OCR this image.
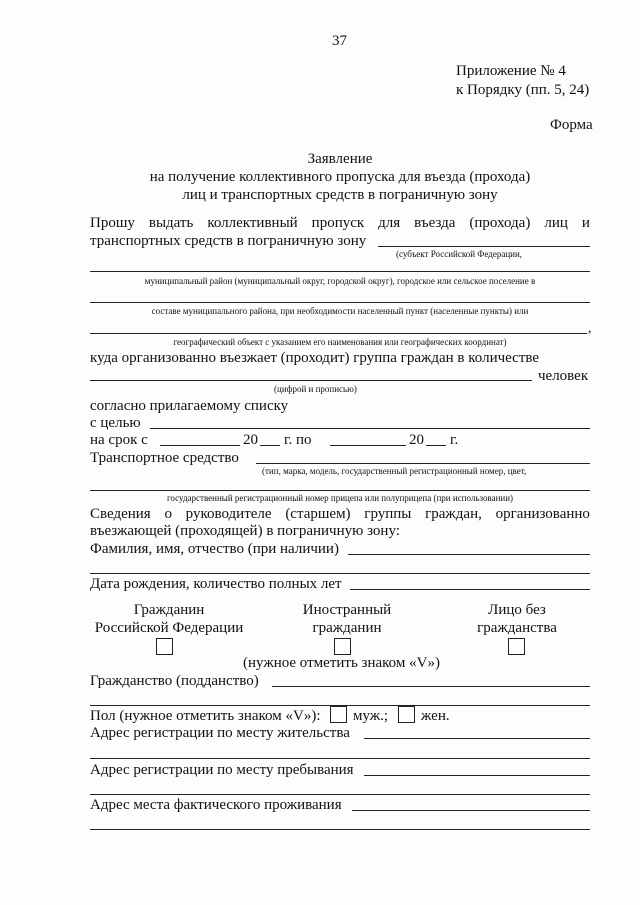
37
Приложение № 4
к Порядку (пп. 5, 24)
Форма
Заявление
на получение коллективного пропуска для въезда (прохода)
лиц и транспортных средств в пограничную зону
Прошу выдать коллективный пропуск для въезда (прохода) лиц и
транспортных средств в пограничную зону
(субъект Российской Федерации,
муниципальный район (муниципальный округ, городской округ), городское или сельское поселение в
составе муниципального района, при необходимости населенный пункт (населенные пункты) или
,
географический объект с указанием его наименования или географических координат)
куда организованно въезжает (проходит) группа граждан в количестве
человек
(цифрой и прописью)
согласно прилагаемому списку
с целью
на срок с	20 г. по	20 г.
Транспортное средство
(тип, марка, модель, государственный регистрационный номер, цвет,
государственный регистрационный номер прицепа или полуприцепа (при использовании)
Сведения о руководителе (старшем) группы граждан, организованно
въезжающей (проходящей) в пограничную зону:
Фамилия, имя, отчество (при наличии)
Дата рождения, количество полных лет
Гражданин
Российской Федерации
Иностранный
гражданин
Лицо без
гражданства
(нужное отметить знаком «V»)
Гражданство (подданство)
Пол (нужное отметить знаком «V»): муж.; жен.
Адрес регистрации по месту жительства
Адрес регистрации по месту пребывания
Адрес места фактического проживания
